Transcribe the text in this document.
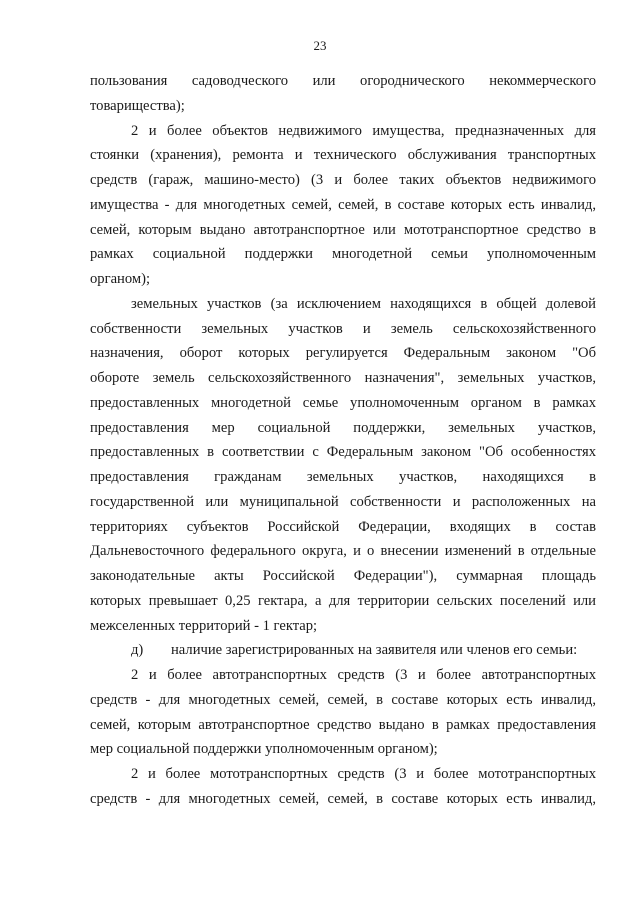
23

пользования садоводческого или огороднического некоммерческого
товарищества);

2 и более объектов недвижимого имущества, предназначенных для
стоянки (хранения), ремонта и технического обслуживания транспортных
средств (гараж, машино-место) (3 и более таких объектов недвижимого
имущества - для многодетных семей, семей, в составе которых есть инвалид,
семей, которым выдано автотранспортное или мототранспортное средство в
рамках социальной поддержки многодетной семьи уполномоченным
органом);

земельных участков (за исключением находящихся в общей долевой
собственности земельных участков и земель сельскохозяйственного
назначения, оборот которых регулируется Федеральным законом "Об
обороте земель сельскохозяйственного назначения", земельных участков,
предоставленных многодетной семье уполномоченным органом в рамках
предоставления мер социальной поддержки, земельных участков,
предоставленных в соответствии с Федеральным законом "Об особенностях
предоставления гражданам земельных участков, находящихся в
государственной или муниципальной собственности и расположенных на
территориях субъектов Российской Федерации, входящих в состав
Дальневосточного федерального округа, и о внесении изменений в отдельные
законодательные акты Российской Федерации"), суммарная площадь
которых превышает 0,25 гектара, а для территории сельских поселений или
межселенных территорий - 1 гектар;

д) наличие зарегистрированных на заявителя или членов его семьи:

2 и более автотранспортных средств (3 и более автотранспортных
средств - для многодетных семей, семей, в составе которых есть инвалид,
семей, которым автотранспортное средство выдано в рамках предоставления
мер социальной поддержки уполномоченным органом);

2 и более мототранспортных средств (3 и более мототранспортных
средств - для многодетных семей, семей, в составе которых есть инвалид,
